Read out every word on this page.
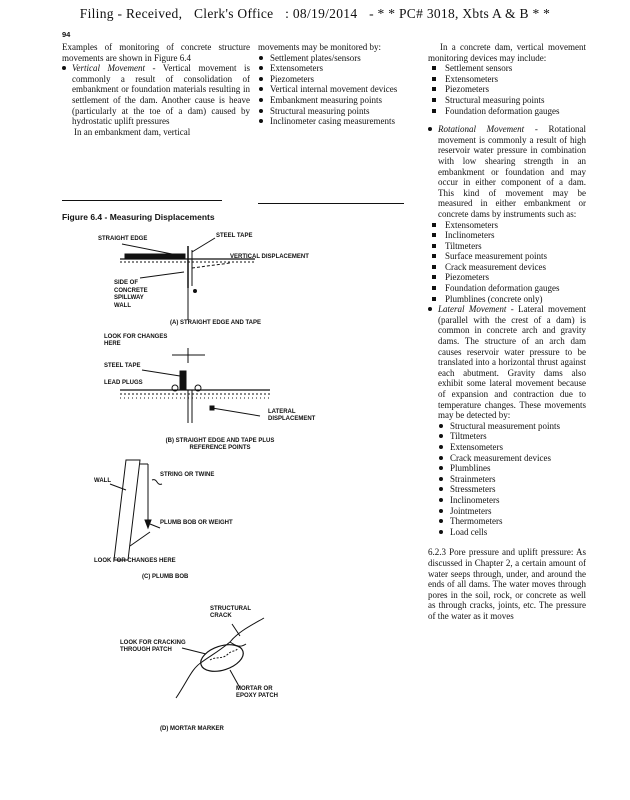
Filing - Received, Clerk's Office : 08/19/2014 - * * PC# 3018, Xbts A & B * *
94

Examples of monitoring of concrete structure movements are shown in Figure 6.4

Vertical Movement - Vertical movement is commonly a result of consolidation of embankment or foundation materials resulting in settlement of the dam. Another cause is heave (particularly at the toe of a dam) caused by hydrostatic uplift pressures

In an embankment dam, vertical

movements may be monitored by:

Settlement plates/sensors
Extensometers
Piezometers
Vertical internal movement devices
Embankment measuring points
Structural measuring points
Inclinometer casing measurements

In a concrete dam, vertical movement monitoring devices may include:

Settlement sensors
Extensometers
Piezometers
Structural measuring points
Foundation deformation gauges
Rotational Movement - Rotational movement is commonly a result of high reservoir water pressure in combination with low shearing strength in an embankment or foundation and may occur in either component of a dam. This kind of movement may be measured in either embankment or concrete dams by instruments such as:
Extensometers
Inclinometers
Tiltmeters
Surface measurement points
Crack measurement devices
Piezometers
Foundation deformation gauges
Plumblines (concrete only)
Lateral Movement - Lateral movement (parallel with the crest of a dam) is common in concrete arch and gravity dams. The structure of an arch dam causes reservoir water pressure to be translated into a horizontal thrust against each abutment. Gravity dams also exhibit some lateral movement because of expansion and contraction due to temperature changes. These movements may be detected by:
Structural measurement points
Tiltmeters
Extensometers
Crack measurement devices
Plumblines
Strainmeters
Stressmeters
Inclinometers
Jointmeters
Thermometers
Load cells

6.2.3 Pore pressure and uplift pressure: As discussed in Chapter 2, a certain amount of water seeps through, under, and around the ends of all dams. The water moves through pores in the soil, rock, or concrete as well as through cracks, joints, etc. The pressure of the water as it moves

Figure 6.4 - Measuring Displacements
STRAIGHT EDGE	STEEL TAPE
VERTICAL DISPLACEMENT
SIDE OF CONCRETE SPILLWAY WALL
(A) STRAIGHT EDGE AND TAPE
LOOK FOR CHANGES HERE
STEEL TAPE
LEAD PLUGS
LATERAL DISPLACEMENT
(B) STRAIGHT EDGE AND TAPE PLUS REFERENCE POINTS
WALL
STRING OR TWINE
PLUMB BOB OR WEIGHT
LOOK FOR CHANGES HERE
(C) PLUMB BOB
STRUCTURAL CRACK
LOOK FOR CRACKING THROUGH PATCH
MORTAR OR EPOXY PATCH
(D) MORTAR MARKER
